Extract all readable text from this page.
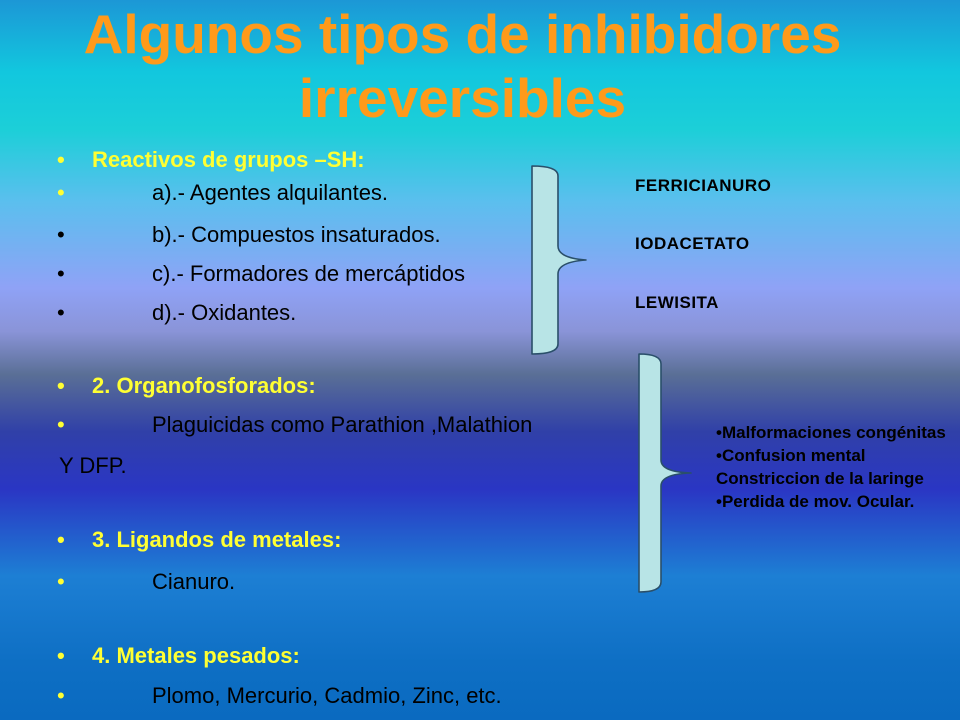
Algunos tipos de inhibidores
irreversibles
• Reactivos de grupos –SH:
•	a).- Agentes alquilantes.
•	b).- Compuestos insaturados.
•	c).- Formadores de mercáptidos
•	d).- Oxidantes.
• 2. Organofosforados:
•	Plaguicidas como Parathion ,Malathion
Y DFP.
• 3. Ligandos de metales:
•	Cianuro.
• 4. Metales pesados:
•	Plomo, Mercurio, Cadmio, Zinc, etc.
FERRICIANURO
IODACETATO
LEWISITA
•Malformaciones congénitas
•Confusion mental
Constriccion de la laringe
•Perdida de mov. Ocular.
